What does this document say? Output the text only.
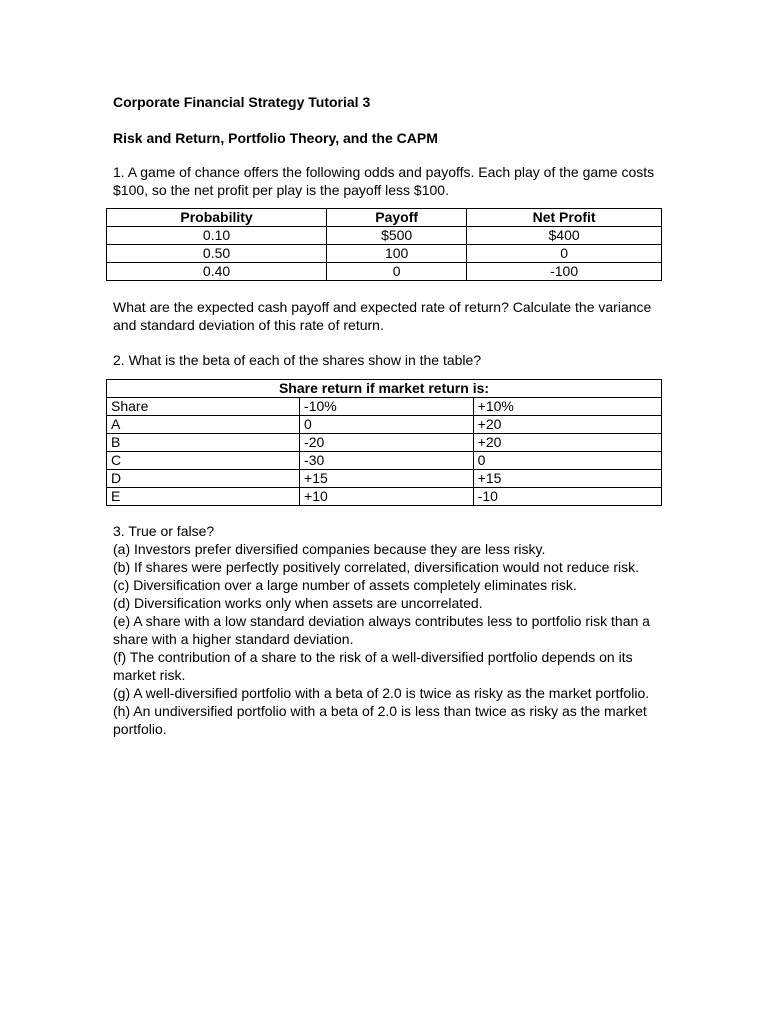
Corporate Financial Strategy Tutorial 3

Risk and Return, Portfolio Theory, and the CAPM

1. A game of chance offers the following odds and payoffs. Each play of the game costs $100, so the net profit per play is the payoff less $100.

Probability	Payoff	Net Profit
0.10	$500	$400
0.50	100	0
0.40	0	-100

What are the expected cash payoff and expected rate of return? Calculate the variance and standard deviation of this rate of return.

2. What is the beta of each of the shares show in the table?

Share return if market return is:		
Share	-10%	+10%
A	0	+20
B	-20	+20
C	-30	0
D	+15	+15
E	+10	-10

3. True or false?

(a) Investors prefer diversified companies because they are less risky.
(b) If shares were perfectly positively correlated, diversification would not reduce risk.
(c) Diversification over a large number of assets completely eliminates risk.
(d) Diversification works only when assets are uncorrelated.
(e) A share with a low standard deviation always contributes less to portfolio risk than a share with a higher standard deviation.
(f) The contribution of a share to the risk of a well-diversified portfolio depends on its market risk.
(g) A well-diversified portfolio with a beta of 2.0 is twice as risky as the market portfolio.
(h) An undiversified portfolio with a beta of 2.0 is less than twice as risky as the market portfolio.
